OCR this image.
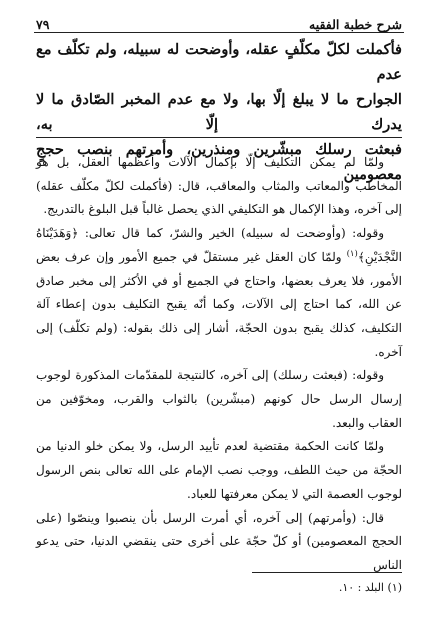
شرح خطبة الفقيه
٧٩

فأكملت لكلّ مكلّفٍ عقله، وأوضحت له سبيله، ولم تكلّف مع عدم

الجوارح ما لا يبلغ إلّا بها، ولا مع عدم المخبر الصّادق ما لا يدرك إلّا به،

فبعثت رسلك مبشّرين ومنذرين، وأمرتهم بنصب حججٍ معصومين

ولمّا لم يمكن التكليف إلّا بإكمال الآلات وأعظمها العقل، بل هو المخاطب والمعاتب والمثاب والمعاقب، قال: (فأكملت لكلّ مكلّف عقله) إلى آخره، وهذا الإكمال هو التكليفي الذي يحصل غالباً قبل البلوغ بالتدريج.

وقوله: (وأوضحت له سبيله) الخير والشرّ، كما قال تعالى: ﴿وَهَدَيْنَاهُ النَّجْدَيْنِ﴾$^{(١)}$ ولمّا كان العقل غير مستقلّ في جميع الأمور وإن عرف بعض الأمور، فلا يعرف بعضها، واحتاج في الجميع أو في الأكثر إلى مخبر صادق عن الله، كما احتاج إلى الآلات، وكما أنّه يقبح التكليف بدون إعطاء آلة التكليف، كذلك يقبح بدون الحجّة، أشار إلى ذلك بقوله: (ولم تكلّف) إلى آخره.

وقوله: (فبعثت رسلك) إلى آخره، كالنتيجة للمقدّمات المذكورة لوجوب إرسال الرسل حال كونهم (مبشّرين) بالثواب والقرب، ومخوّفين من العقاب والبعد.

ولمّا كانت الحكمة مقتضية لعدم تأييد الرسل، ولا يمكن خلو الدنيا من الحجّة من حيث اللطف، ووجب نصب الإمام على الله تعالى بنص الرسول لوجوب العصمة التي لا يمكن معرفتها للعباد.

قال: (وأمرتهم) إلى آخره، أي أمرت الرسل بأن ينصبوا وينصّوا (على الحجج المعصومين) أو كلّ حجّة على أخرى حتى ينقضي الدنيا، حتى يدعو الناس

(١) البلد : ١٠.
